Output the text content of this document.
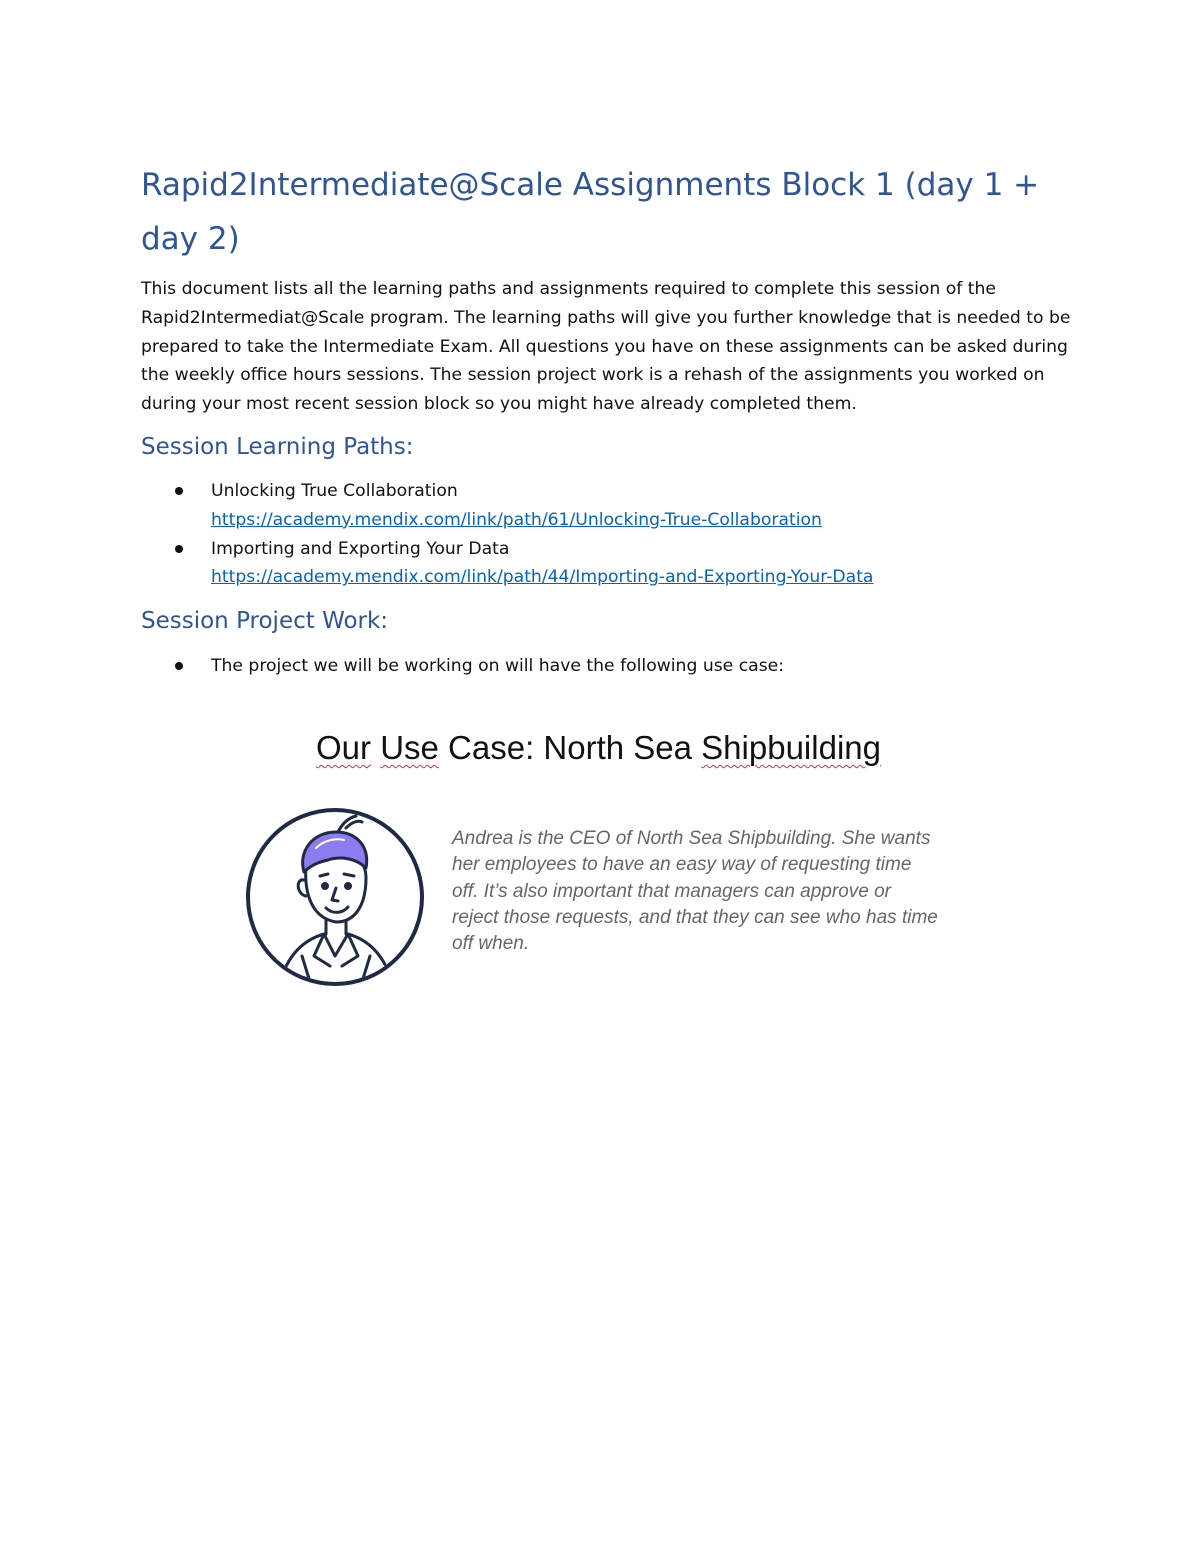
Rapid2Intermediate@Scale Assignments Block 1 (day 1 + day 2)

This document lists all the learning paths and assignments required to complete this session of the Rapid2Intermediat@Scale program. The learning paths will give you further knowledge that is needed to be prepared to take the Intermediate Exam. All questions you have on these assignments can be asked during the weekly office hours sessions. The session project work is a rehash of the assignments you worked on during your most recent session block so you might have already completed them.

Session Learning Paths:
Unlocking True Collaboration
https://academy.mendix.com/link/path/61/Unlocking-True-Collaboration
Importing and Exporting Your Data
https://academy.mendix.com/link/path/44/Importing-and-Exporting-Your-Data
Session Project Work:
The project we will be working on will have the following use case:
Our Use Case: North Sea Shipbuilding

Andrea is the CEO of North Sea Shipbuilding. She wants
her employees to have an easy way of requesting time
off. It’s also important that managers can approve or
reject those requests, and that they can see who has time
off when.
